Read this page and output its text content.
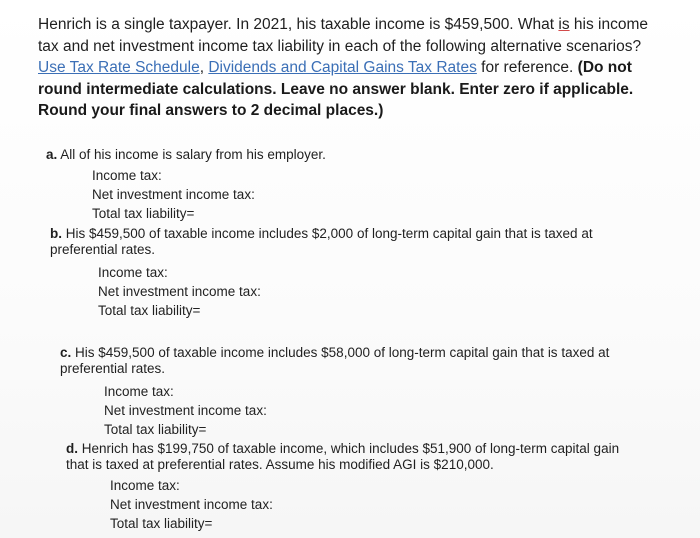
Henrich is a single taxpayer. In 2021, his taxable income is $459,500. What is his income tax and net investment income tax liability in each of the following alternative scenarios? Use Tax Rate Schedule, Dividends and Capital Gains Tax Rates for reference. (Do not round intermediate calculations. Leave no answer blank. Enter zero if applicable. Round your final answers to 2 decimal places.)
a. All of his income is salary from his employer.
Income tax:
Net investment income tax:
Total tax liability=
b. His $459,500 of taxable income includes $2,000 of long-term capital gain that is taxed at
preferential rates.
Income tax:
Net investment income tax:
Total tax liability=
c. His $459,500 of taxable income includes $58,000 of long-term capital gain that is taxed at
preferential rates.
Income tax:
Net investment income tax:
Total tax liability=
d. Henrich has $199,750 of taxable income, which includes $51,900 of long-term capital gain
that is taxed at preferential rates. Assume his modified AGI is $210,000.
Income tax:
Net investment income tax:
Total tax liability=
